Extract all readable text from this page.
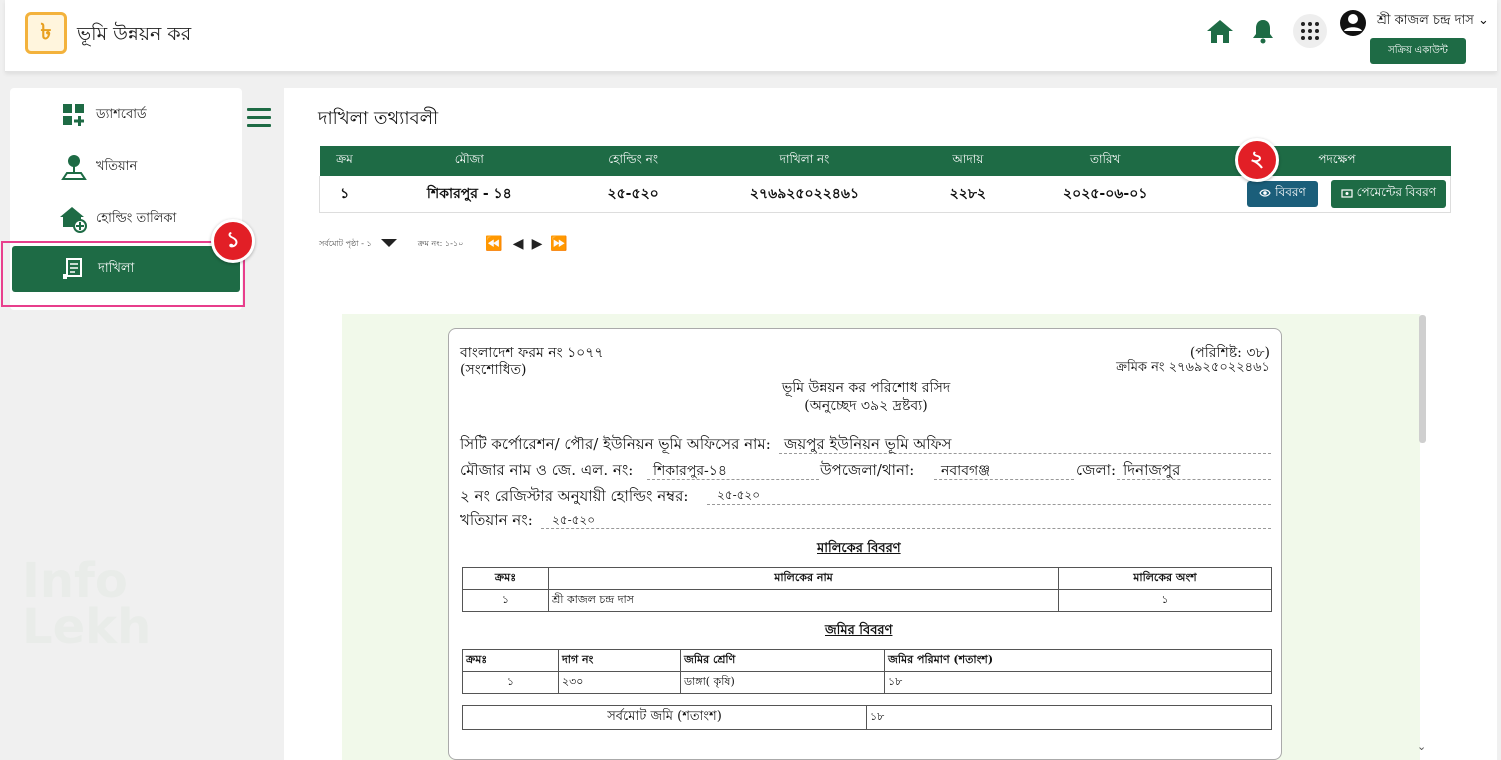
৳ ভূমি উন্নয়ন কর
শ্রী কাজল চন্দ্র দাস ⌄
সক্রিয় একাউন্ট
Info Lekh
ড্যাশবোর্ড
খতিয়ান
হোল্ডিং তালিকা
দাখিলা
১
দাখিলা তথ্যাবলী
ক্রম	মৌজা	হোল্ডিং নং	দাখিলা নং	আদায়	তারিখ	পদক্ষেপ
১	শিকারপুর - ১৪	২৫-৫২০	২৭৬৯২৫০২২৪৬১	২২৮২	২০২৫-০৬-০১	বিবরণ
পেমেন্টের বিবরণ
২
সর্বমোট পৃষ্ঠা - ১	ক্রম নং: ১-১০ ⏪ ◀ ▶ ⏩
বাংলাদেশ ফরম নং ১০৭৭
(সংশোধিত)
(পরিশিষ্ট: ৩৮)
ক্রমিক নং ২৭৬৯২৫০২২৪৬১
ভূমি উন্নয়ন কর পরিশোধ রসিদ
(অনুচ্ছেদ ৩৯২ দ্রষ্টব্য)
সিটি কর্পোরেশন/ পৌর/ ইউনিয়ন ভূমি অফিসের নাম: জয়পুর ইউনিয়ন ভূমি অফিস
মৌজার নাম ও জে. এল. নং: শিকারপুর-১৪	উপজেলা/থানা: নবাবগঞ্জ	জেলা: দিনাজপুর
২ নং রেজিস্টার অনুযায়ী হোল্ডিং নম্বর: ২৫-৫২০
খতিয়ান নং: ২৫-৫২০
মালিকের বিবরণ
ক্রমঃ	মালিকের নাম	মালিকের অংশ
১	শ্রী কাজল চন্দ্র দাস	১
জমির বিবরণ
ক্রমঃ	দাগ নং	জমির শ্রেণি	জমির পরিমাণ (শতাংশ)
১	২৩০	ডাঙ্গা( কৃষি)	১৮
সর্বমোট জমি (শতাংশ)	১৮
⌄
